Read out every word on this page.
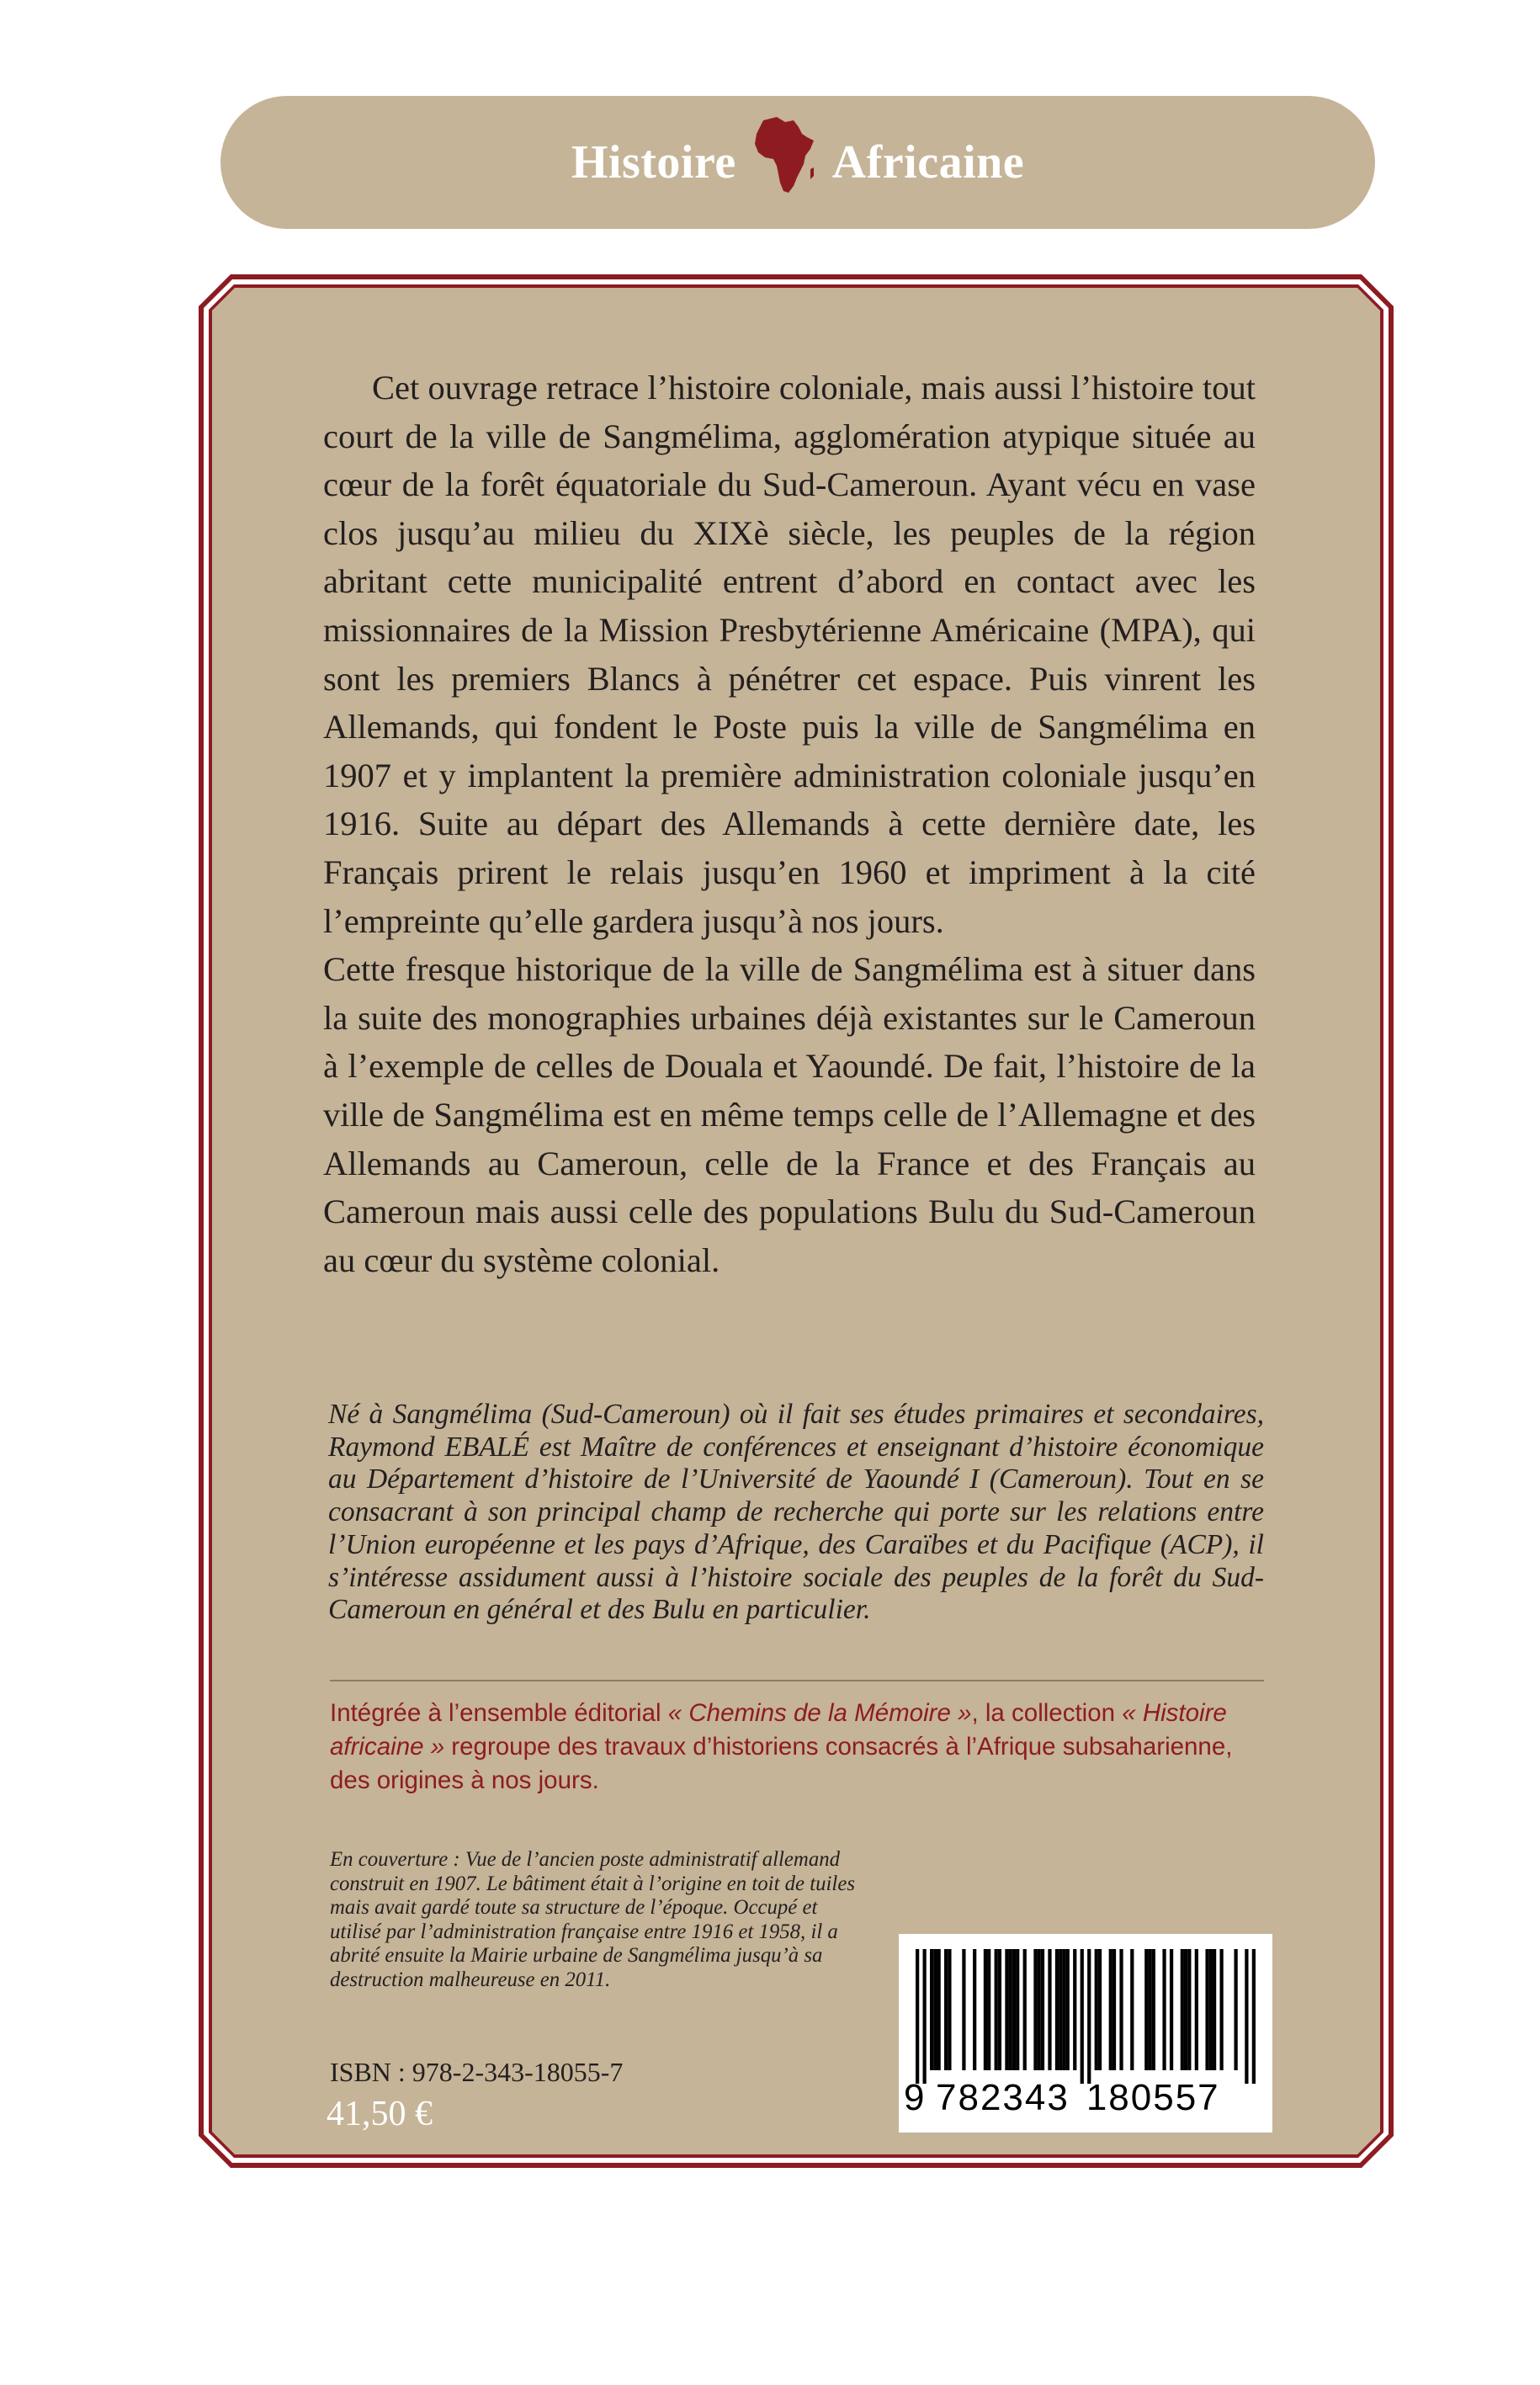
Histoire Africaine

Cet ouvrage retrace l’histoire coloniale, mais aussi l’histoire tout court de la ville de Sangmélima, agglomération atypique située au cœur de la forêt équatoriale du Sud-Cameroun. Ayant vécu en vase clos jusqu’au milieu du XIXè siècle, les peuples de la région abritant cette municipalité entrent d’abord en contact avec les missionnaires de la Mission Presbytérienne Américaine (MPA), qui sont les premiers Blancs à pénétrer cet espace. Puis vinrent les Allemands, qui fondent le Poste puis la ville de Sangmélima en 1907 et y implantent la première administration coloniale jusqu’en 1916. Suite au départ des Allemands à cette dernière date, les Français prirent le relais jusqu’en 1960 et impriment à la cité l’empreinte qu’elle gardera jusqu’à nos jours.

Cette fresque historique de la ville de Sangmélima est à situer dans la suite des monographies urbaines déjà existantes sur le Cameroun à l’exemple de celles de Douala et Yaoundé. De fait, l’histoire de la ville de Sangmélima est en même temps celle de l’Allemagne et des Allemands au Cameroun, celle de la France et des Français au Cameroun mais aussi celle des populations Bulu du Sud-Cameroun au cœur du système colonial.

Né à Sangmélima (Sud-Cameroun) où il fait ses études primaires et secondaires, Raymond EBALÉ est Maître de conférences et enseignant d’histoire économique au Département d’histoire de l’Université de Yaoundé I (Cameroun). Tout en se consacrant à son principal champ de recherche qui porte sur les relations entre l’Union européenne et les pays d’Afrique, des Caraïbes et du Pacifique (ACP), il s’intéresse assidument aussi à l’histoire sociale des peuples de la forêt du Sud-Cameroun en général et des Bulu en particulier.

Intégrée à l’ensemble éditorial « Chemins de la Mémoire », la collection « Histoire africaine » regroupe des travaux d’historiens consacrés à l’Afrique subsaharienne, des origines à nos jours.

En couverture : Vue de l’ancien poste administratif allemand construit en 1907. Le bâtiment était à l’origine en toit de tuiles mais avait gardé toute sa structure de l’époque. Occupé et utilisé par l’administration française entre 1916 et 1958, il a abrité ensuite la Mairie urbaine de Sangmélima jusqu’à sa destruction malheureuse en 2011.

ISBN : 978-2-343-18055-7

41,50 €	9 782343 180557
